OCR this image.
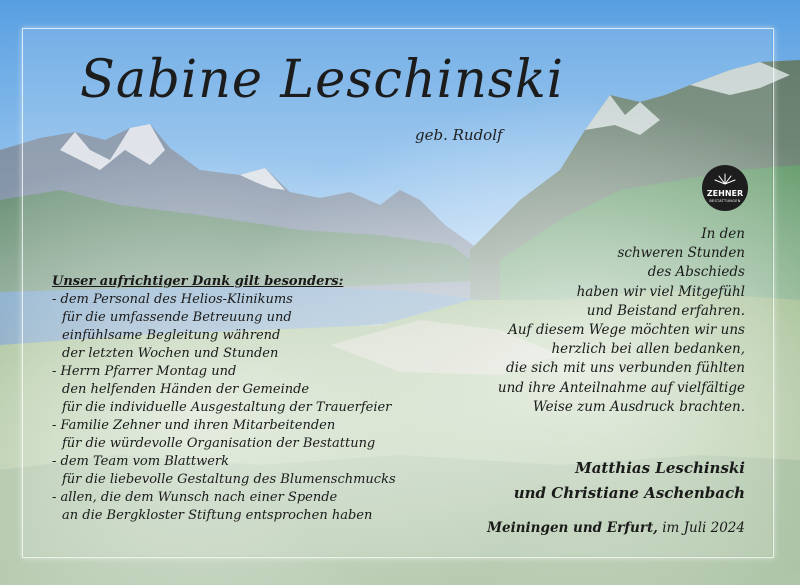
Sabine Leschinski
geb. Rudolf
ZEHNER
BESTATTUNGEN
Unser aufrichtiger Dank gilt besonders:
- dem Personal des Helios-Klinikums
für die umfassende Betreuung und
einfühlsame Begleitung während
der letzten Wochen und Stunden
- Herrn Pfarrer Montag und
den helfenden Händen der Gemeinde
für die individuelle Ausgestaltung der Trauerfeier
- Familie Zehner und ihren Mitarbeitenden
für die würdevolle Organisation der Bestattung
- dem Team vom Blattwerk
für die liebevolle Gestaltung des Blumenschmucks
- allen, die dem Wunsch nach einer Spende
an die Bergkloster Stiftung entsprochen haben
In den
schweren Stunden
des Abschieds
haben wir viel Mitgefühl
und Beistand erfahren.
Auf diesem Wege möchten wir uns
herzlich bei allen bedanken,
die sich mit uns verbunden fühlten
und ihre Anteilnahme auf vielfältige
Weise zum Ausdruck brachten.
Matthias Leschinski
und Christiane Aschenbach
Meiningen und Erfurt, im Juli 2024
